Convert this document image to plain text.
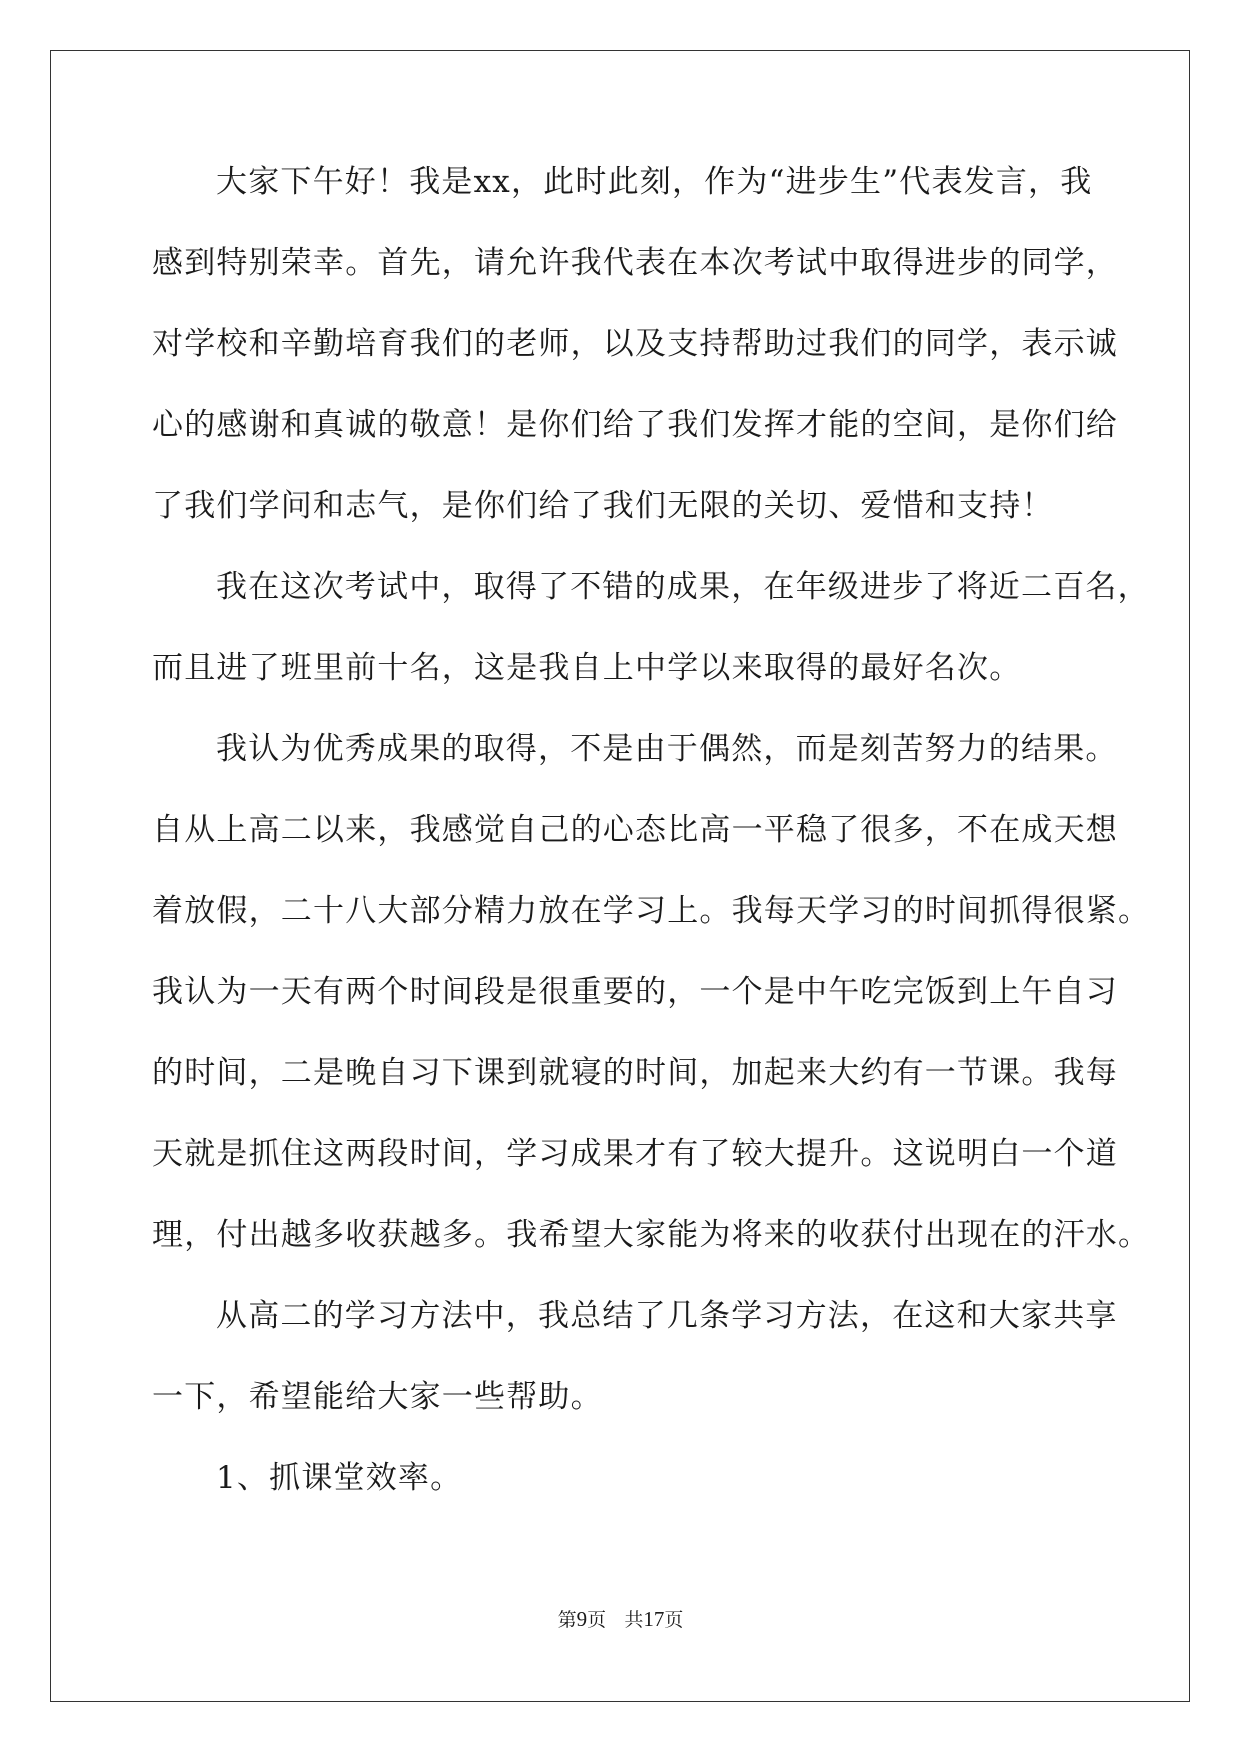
大家下午好！我是xx，此时此刻，作为“进步生”代表发言，我
感到特别荣幸。首先，请允许我代表在本次考试中取得进步的同学，
对学校和辛勤培育我们的老师，以及支持帮助过我们的同学，表示诚
心的感谢和真诚的敬意！是你们给了我们发挥才能的空间，是你们给
了我们学问和志气，是你们给了我们无限的关切、爱惜和支持！
我在这次考试中，取得了不错的成果，在年级进步了将近二百名，
而且进了班里前十名，这是我自上中学以来取得的最好名次。
我认为优秀成果的取得，不是由于偶然，而是刻苦努力的结果。
自从上高二以来，我感觉自己的心态比高一平稳了很多，不在成天想
着放假，二十八大部分精力放在学习上。我每天学习的时间抓得很紧。
我认为一天有两个时间段是很重要的，一个是中午吃完饭到上午自习
的时间，二是晚自习下课到就寝的时间，加起来大约有一节课。我每
天就是抓住这两段时间，学习成果才有了较大提升。这说明白一个道
理，付出越多收获越多。我希望大家能为将来的收获付出现在的汗水。
从高二的学习方法中，我总结了几条学习方法，在这和大家共享
一下，希望能给大家一些帮助。
1、抓课堂效率。
第9页 共17页
